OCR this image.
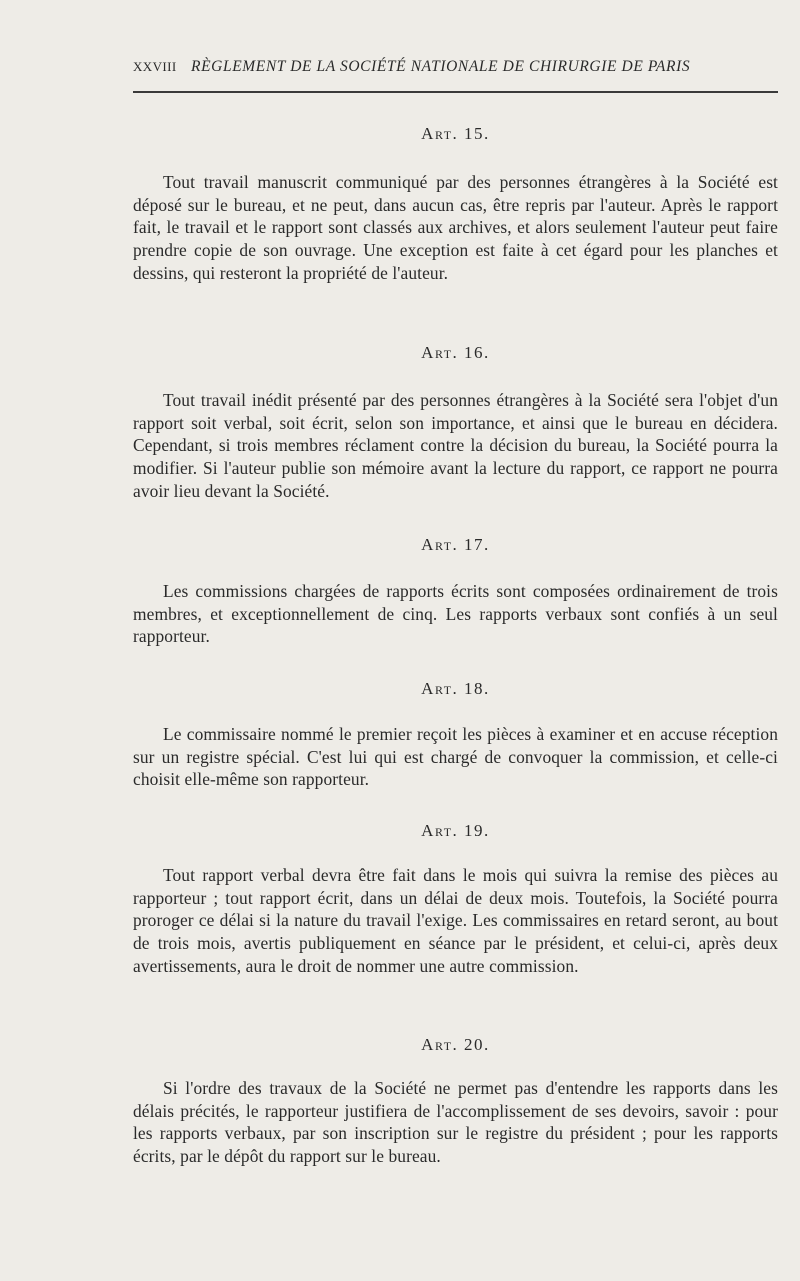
XXVIII RÈGLEMENT DE LA SOCIÉTÉ NATIONALE DE CHIRURGIE DE PARIS
Art. 15.

Tout travail manuscrit communiqué par des personnes étrangères à la Société est déposé sur le bureau, et ne peut, dans aucun cas, être repris par l'auteur. Après le rapport fait, le travail et le rapport sont classés aux archives, et alors seulement l'auteur peut faire prendre copie de son ouvrage. Une exception est faite à cet égard pour les planches et dessins, qui resteront la propriété de l'auteur.

Art. 16.

Tout travail inédit présenté par des personnes étrangères à la Société sera l'objet d'un rapport soit verbal, soit écrit, selon son importance, et ainsi que le bureau en décidera. Cependant, si trois membres réclament contre la décision du bureau, la Société pourra la modifier. Si l'auteur publie son mémoire avant la lecture du rapport, ce rapport ne pourra avoir lieu devant la Société.

Art. 17.

Les commissions chargées de rapports écrits sont composées ordinairement de trois membres, et exceptionnellement de cinq. Les rapports verbaux sont confiés à un seul rapporteur.

Art. 18.

Le commissaire nommé le premier reçoit les pièces à examiner et en accuse réception sur un registre spécial. C'est lui qui est chargé de convoquer la commission, et celle-ci choisit elle-même son rapporteur.

Art. 19.

Tout rapport verbal devra être fait dans le mois qui suivra la remise des pièces au rapporteur ; tout rapport écrit, dans un délai de deux mois. Toutefois, la Société pourra proroger ce délai si la nature du travail l'exige. Les commissaires en retard seront, au bout de trois mois, avertis publiquement en séance par le président, et celui-ci, après deux avertissements, aura le droit de nommer une autre commission.

Art. 20.

Si l'ordre des travaux de la Société ne permet pas d'entendre les rapports dans les délais précités, le rapporteur justifiera de l'accomplissement de ses devoirs, savoir : pour les rapports verbaux, par son inscription sur le registre du président ; pour les rapports écrits, par le dépôt du rapport sur le bureau.
